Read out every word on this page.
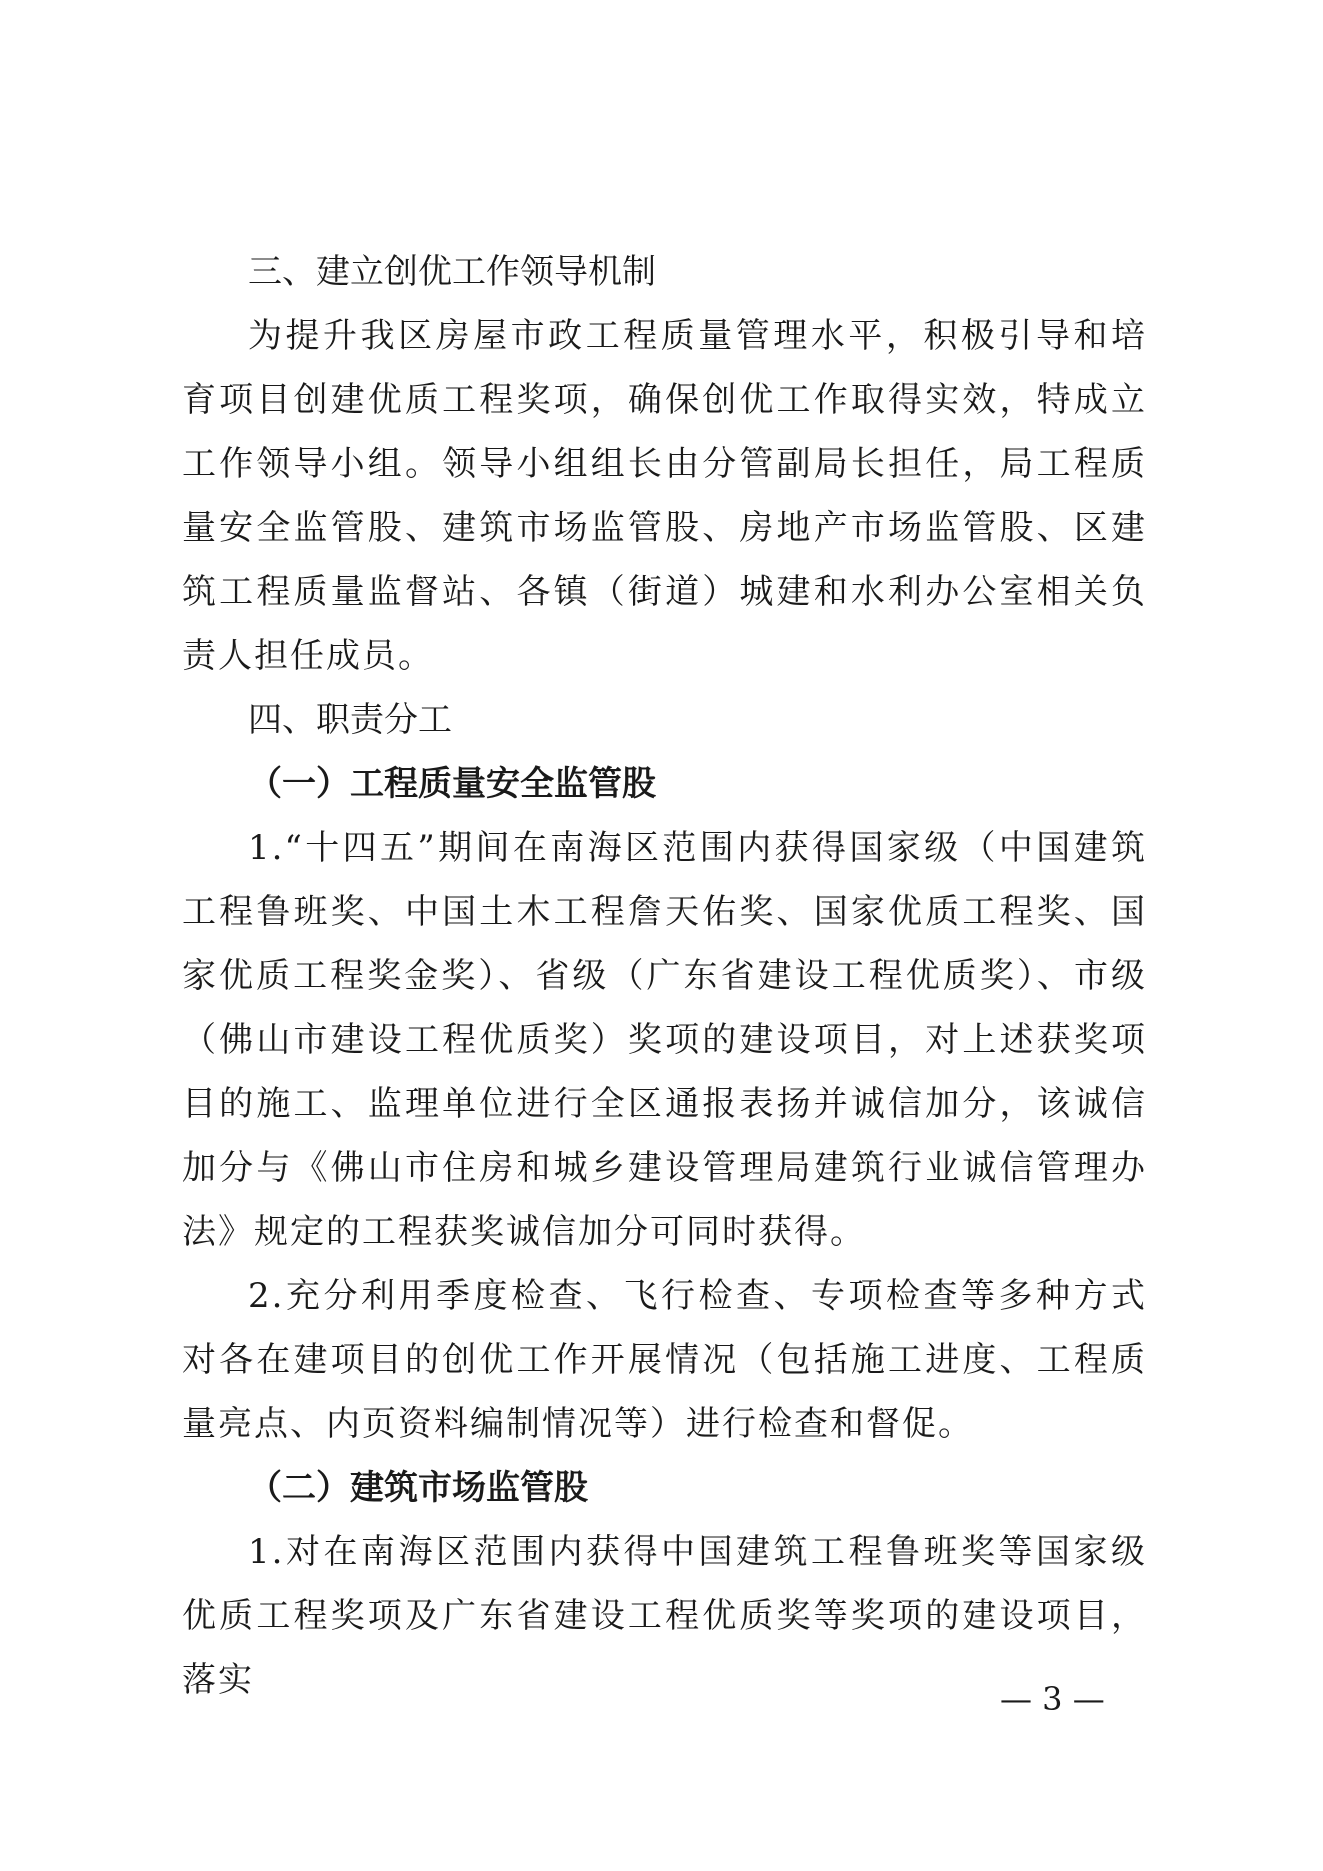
三、建立创优工作领导机制

为提升我区房屋市政工程质量管理水平，积极引导和培育项目创建优质工程奖项，确保创优工作取得实效，特成立工作领导小组。领导小组组长由分管副局长担任，局工程质量安全监管股、建筑市场监管股、房地产市场监管股、区建筑工程质量监督站、各镇（街道）城建和水利办公室相关负责人担任成员。

四、职责分工
（一）工程质量安全监管股

1.“十四五”期间在南海区范围内获得国家级（中国建筑工程鲁班奖、中国土木工程詹天佑奖、国家优质工程奖、国家优质工程奖金奖）、省级（广东省建设工程优质奖）、市级（佛山市建设工程优质奖）奖项的建设项目，对上述获奖项目的施工、监理单位进行全区通报表扬并诚信加分，该诚信加分与《佛山市住房和城乡建设管理局建筑行业诚信管理办法》规定的工程获奖诚信加分可同时获得。

2.充分利用季度检查、飞行检查、专项检查等多种方式对各在建项目的创优工作开展情况（包括施工进度、工程质量亮点、内页资料编制情况等）进行检查和督促。

（二）建筑市场监管股

1.对在南海区范围内获得中国建筑工程鲁班奖等国家级优质工程奖项及广东省建设工程优质奖等奖项的建设项目，落实	— 3 —
